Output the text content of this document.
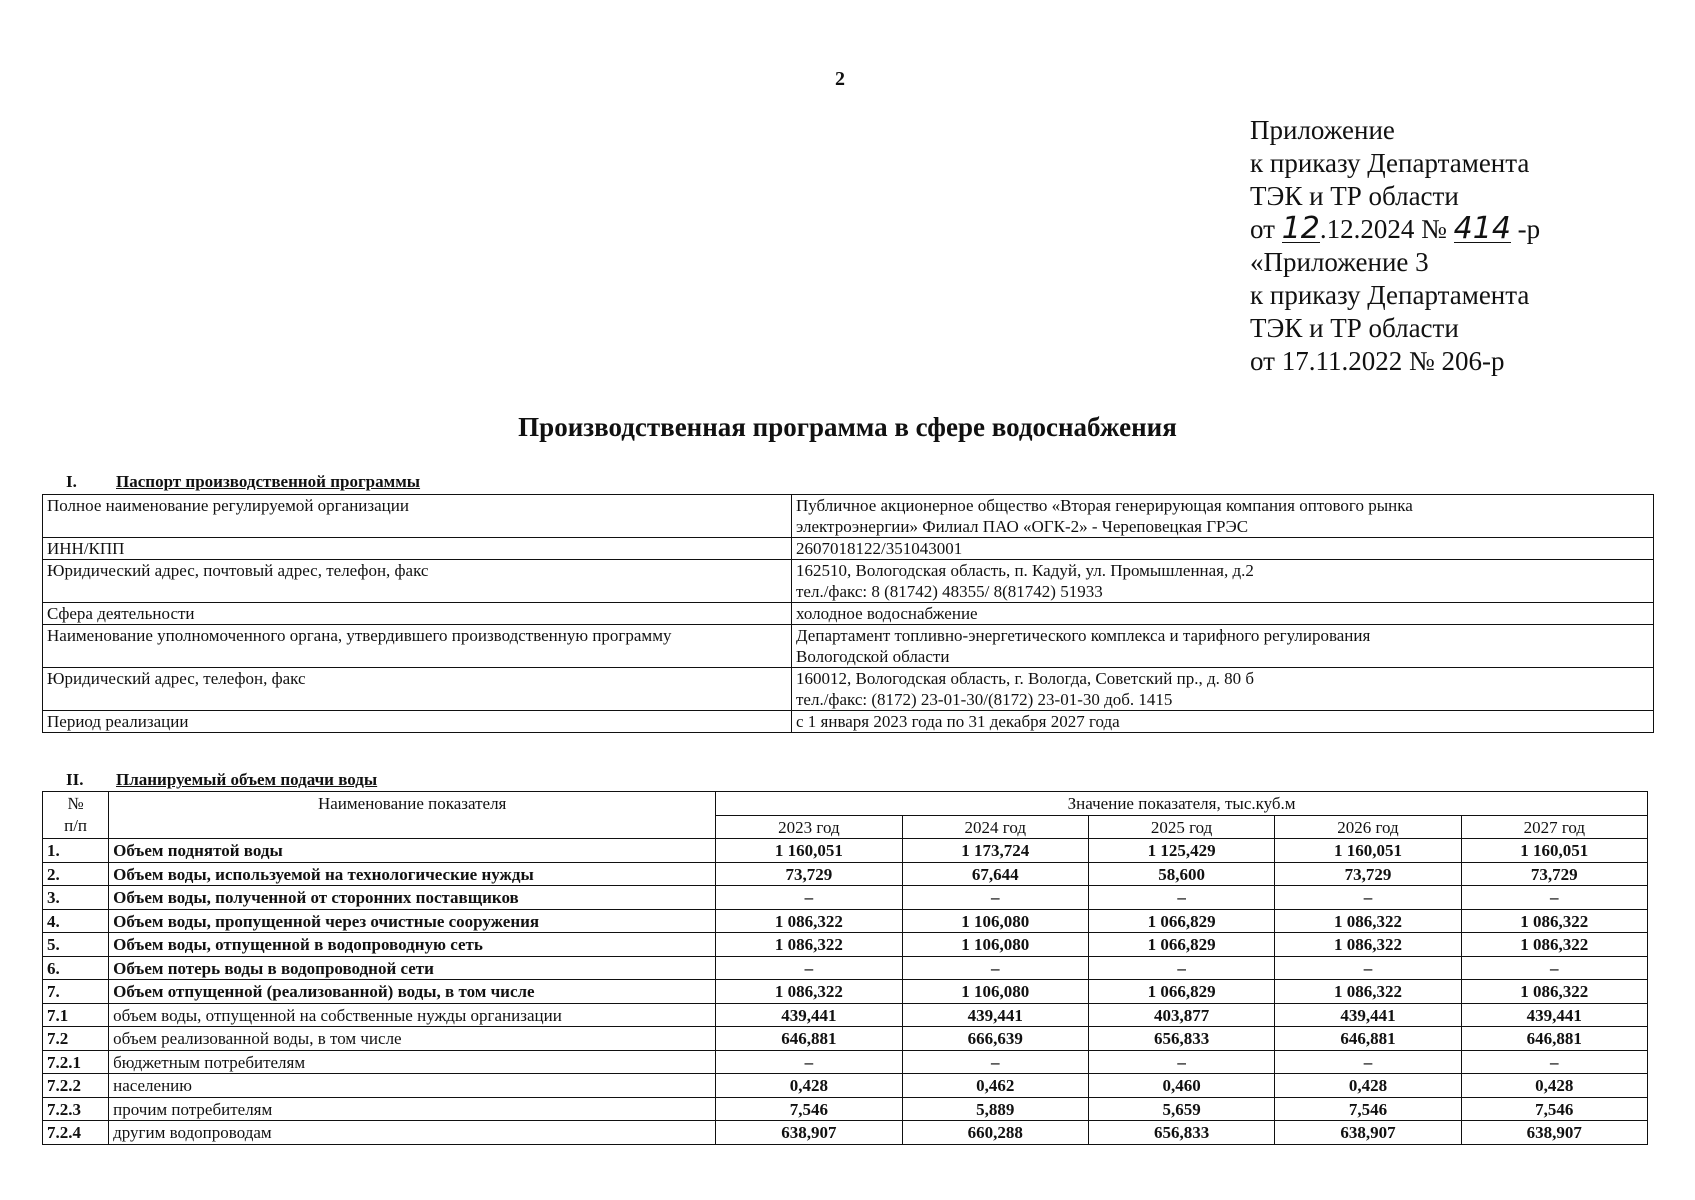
2
Приложение
к приказу Департамента
ТЭК и ТР области
от 12.12.2024 № 414 -р
«Приложение 3
к приказу Департамента
ТЭК и ТР области
от 17.11.2022 № 206-р
Производственная программа в сфере водоснабжения
I. Паспорт производственной программы
Полное наименование регулируемой организации	Публичное акционерное общество «Вторая генерирующая компания оптового рынка
электроэнергии» Филиал ПАО «ОГК-2» - Череповецкая ГРЭС

ИНН/КПП	2607018122/351043001

Юридический адрес, почтовый адрес, телефон, факс	162510, Вологодская область, п. Кадуй, ул. Промышленная, д.2
тел./факс: 8 (81742) 48355/ 8(81742) 51933

Сфера деятельности	холодное водоснабжение

Наименование уполномоченного органа, утвердившего производственную программу	Департамент топливно-энергетического комплекса и тарифного регулирования
Вологодской области

Юридический адрес, телефон, факс	160012, Вологодская область, г. Вологда, Советский пр., д. 80 б
тел./факс: (8172) 23-01-30/(8172) 23-01-30 доб. 1415

Период реализации	с 1 января 2023 года по 31 декабря 2027 года
II. Планируемый объем подачи воды
№
п/п	Наименование показателя	Значение показателя, тыс.куб.м				
		2023 год	2024 год	2025 год	2026 год	2027 год
1.	Объем поднятой воды	1 160,051	1 173,724	1 125,429	1 160,051	1 160,051
2.	Объем воды, используемой на технологические нужды	73,729	67,644	58,600	73,729	73,729
3.	Объем воды, полученной от сторонних поставщиков	–	–	–	–	–
4.	Объем воды, пропущенной через очистные сооружения	1 086,322	1 106,080	1 066,829	1 086,322	1 086,322
5.	Объем воды, отпущенной в водопроводную сеть	1 086,322	1 106,080	1 066,829	1 086,322	1 086,322
6.	Объем потерь воды в водопроводной сети	–	–	–	–	–
7.	Объем отпущенной (реализованной) воды, в том числе	1 086,322	1 106,080	1 066,829	1 086,322	1 086,322
7.1	объем воды, отпущенной на собственные нужды организации	439,441	439,441	403,877	439,441	439,441
7.2	объем реализованной воды, в том числе	646,881	666,639	656,833	646,881	646,881
7.2.1	бюджетным потребителям	–	–	–	–	–
7.2.2	населению	0,428	0,462	0,460	0,428	0,428
7.2.3	прочим потребителям	7,546	5,889	5,659	7,546	7,546
7.2.4	другим водопроводам	638,907	660,288	656,833	638,907	638,907
